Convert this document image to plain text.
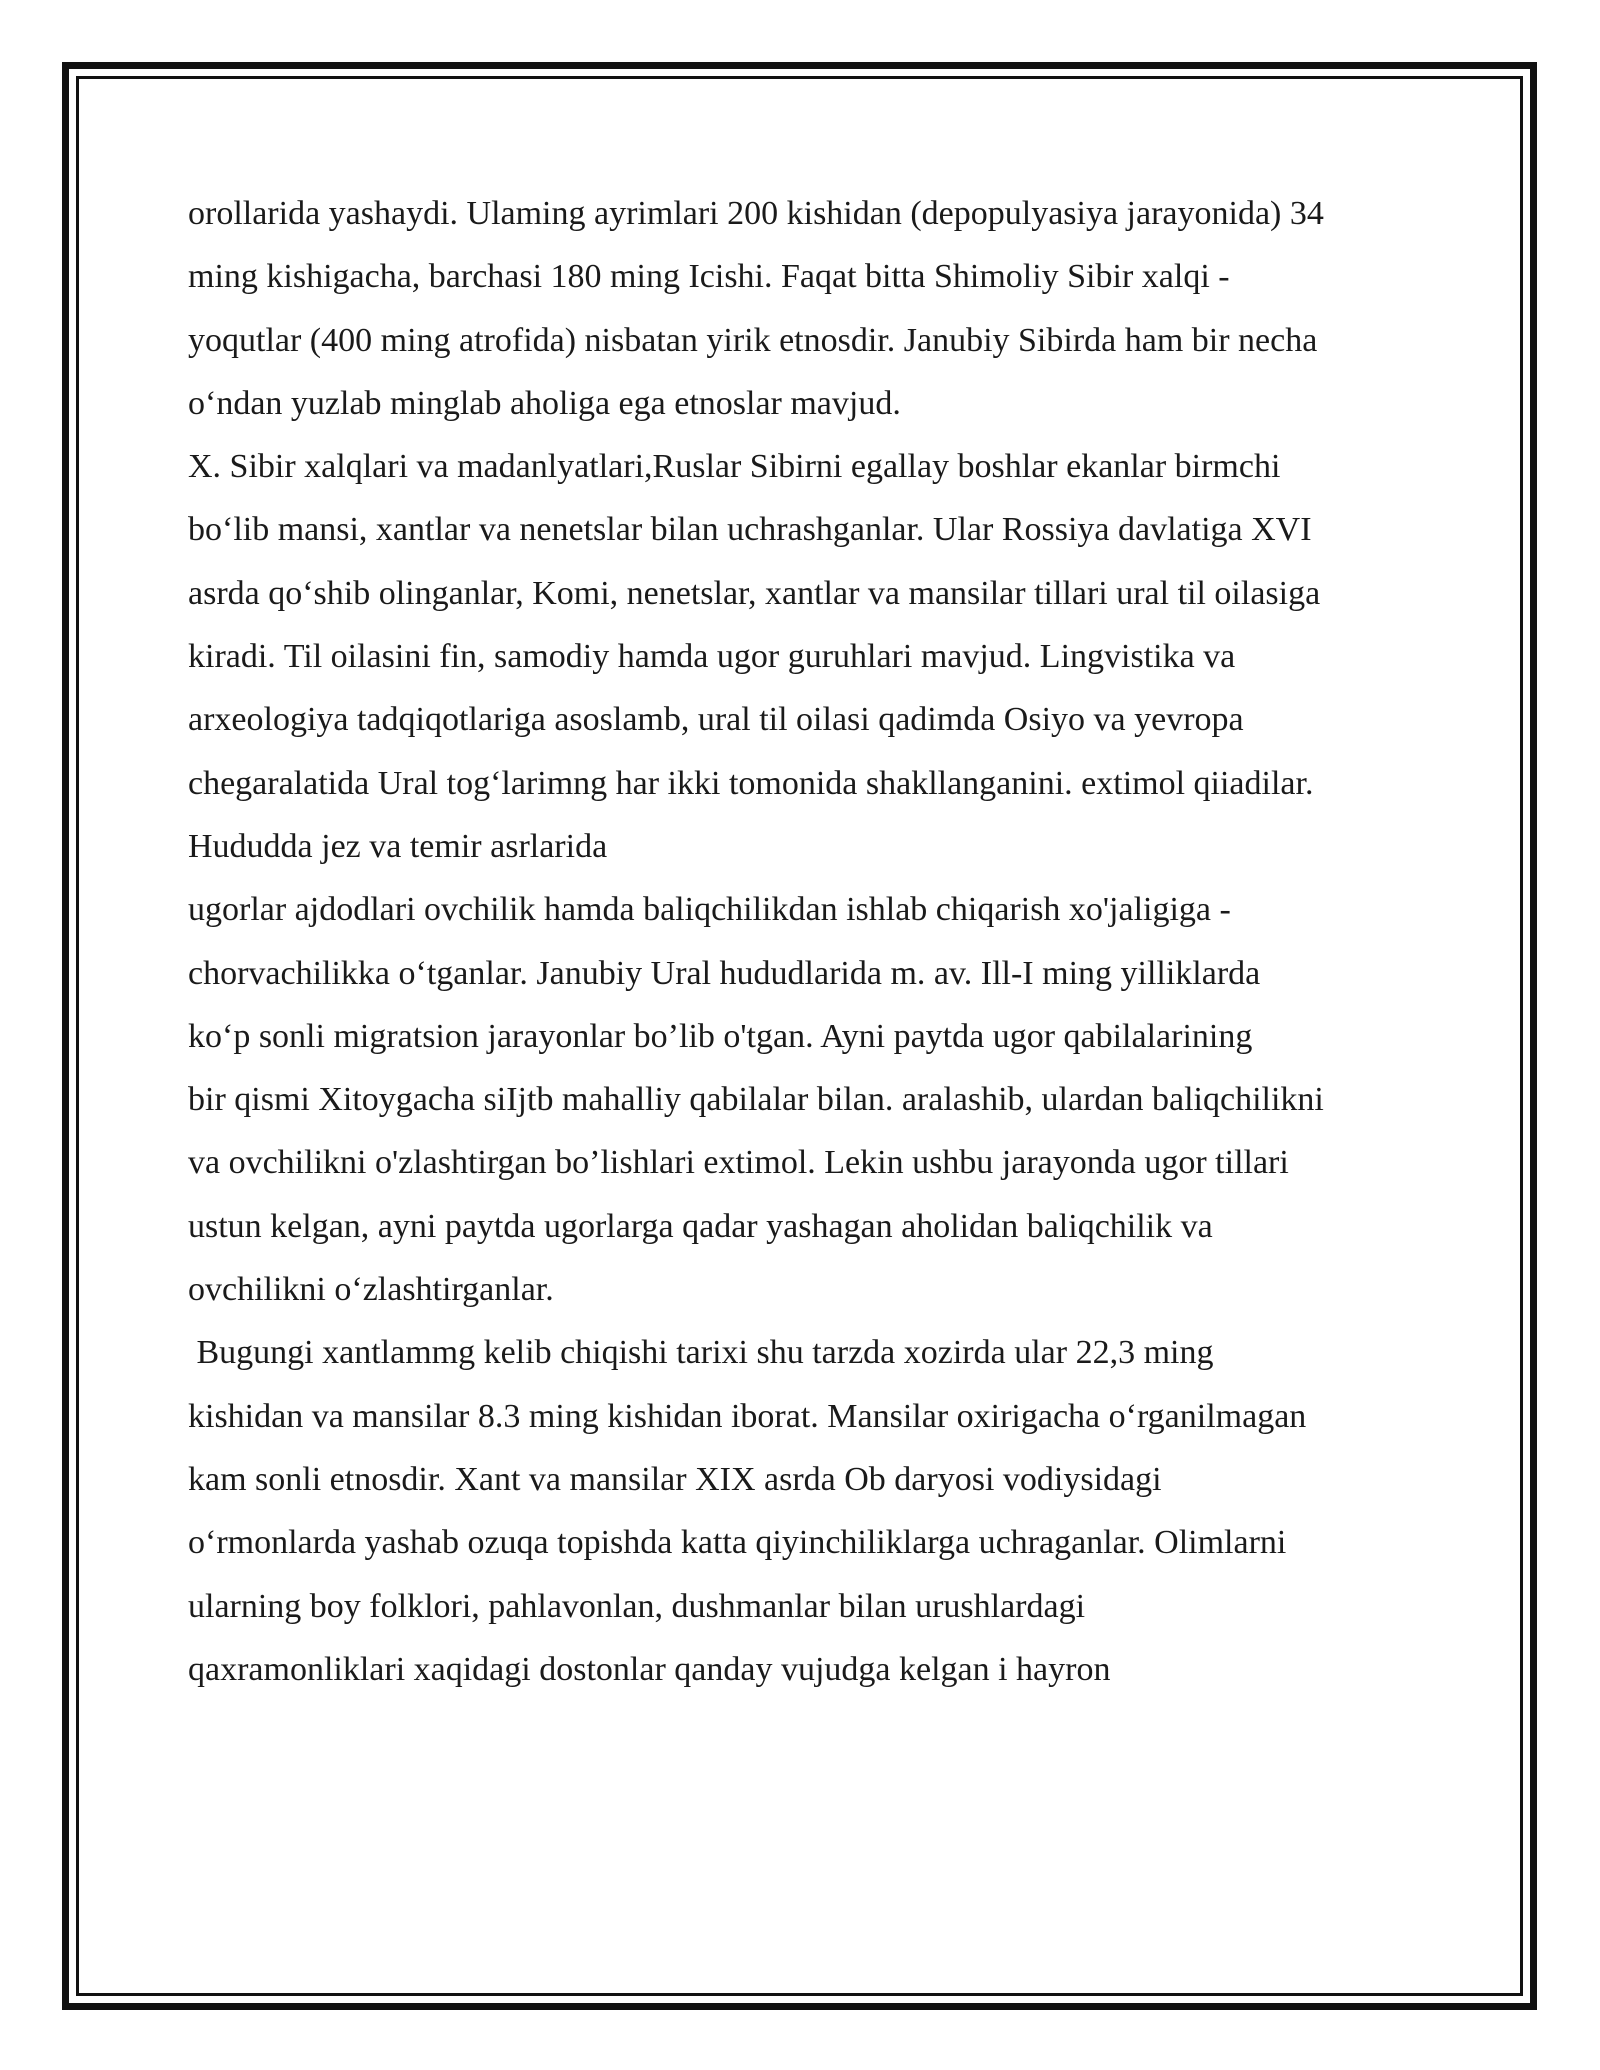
orollarida yashaydi. Ulaming ayrimlari 200 kishidan (depopulyasiya jarayonida) 34
ming kishigacha, barchasi 180 ming Icishi. Faqat bitta Shimoliy Sibir xalqi -
yoqutlar (400 ming atrofida) nisbatan yirik etnosdir. Janubiy Sibirda ham bir necha
o‘ndan yuzlab minglab aholiga ega etnoslar mavjud.
X. Sibir xalqlari va madanlyatlari,Ruslar Sibirni egallay boshlar ekanlar birmchi
bo‘lib mansi, xantlar va nenetslar bilan uchrashganlar. Ular Rossiya davlatiga XVI
asrda qo‘shib olinganlar, Komi, nenetslar, xantlar va mansilar tillari ural til oilasiga
kiradi. Til oilasini fin, samodiy hamda ugor guruhlari mavjud. Lingvistika va
arxeologiya tadqiqotlariga asoslamb, ural til oilasi qadimda Osiyo va yevropa
chegaralatida Ural tog‘larimng har ikki tomonida shakllanganini. extimol qiiadilar.
Hududda jez va temir asrlarida
ugorlar ajdodlari ovchilik hamda baliqchilikdan ishlab chiqarish xo'jaligiga -
chorvachilikka o‘tganlar. Janubiy Ural hududlarida m. av. Ill-I ming yilliklarda
ko‘p sonli migratsion jarayonlar bo’lib o'tgan. Ayni paytda ugor qabilalarining
bir qismi Xitoygacha siIjtb mahalliy qabilalar bilan. aralashib, ulardan baliqchilikni
va ovchilikni o'zlashtirgan bo’lishlari extimol. Lekin ushbu jarayonda ugor tillari
ustun kelgan, ayni paytda ugorlarga qadar yashagan aholidan baliqchilik va
ovchilikni o‘zlashtirganlar.
Bugungi xantlammg kelib chiqishi tarixi shu tarzda xozirda ular 22,3 ming
kishidan va mansilar 8.3 ming kishidan iborat. Mansilar oxirigacha o‘rganilmagan
kam sonli etnosdir. Xant va mansilar XIX asrda Ob daryosi vodiysidagi
o‘rmonlarda yashab ozuqa topishda katta qiyinchiliklarga uchraganlar. Olimlarni
ularning boy folklori, pahlavonlan, dushmanlar bilan urushlardagi
qaxramonliklari xaqidagi dostonlar qanday vujudga kelgan i hayron
